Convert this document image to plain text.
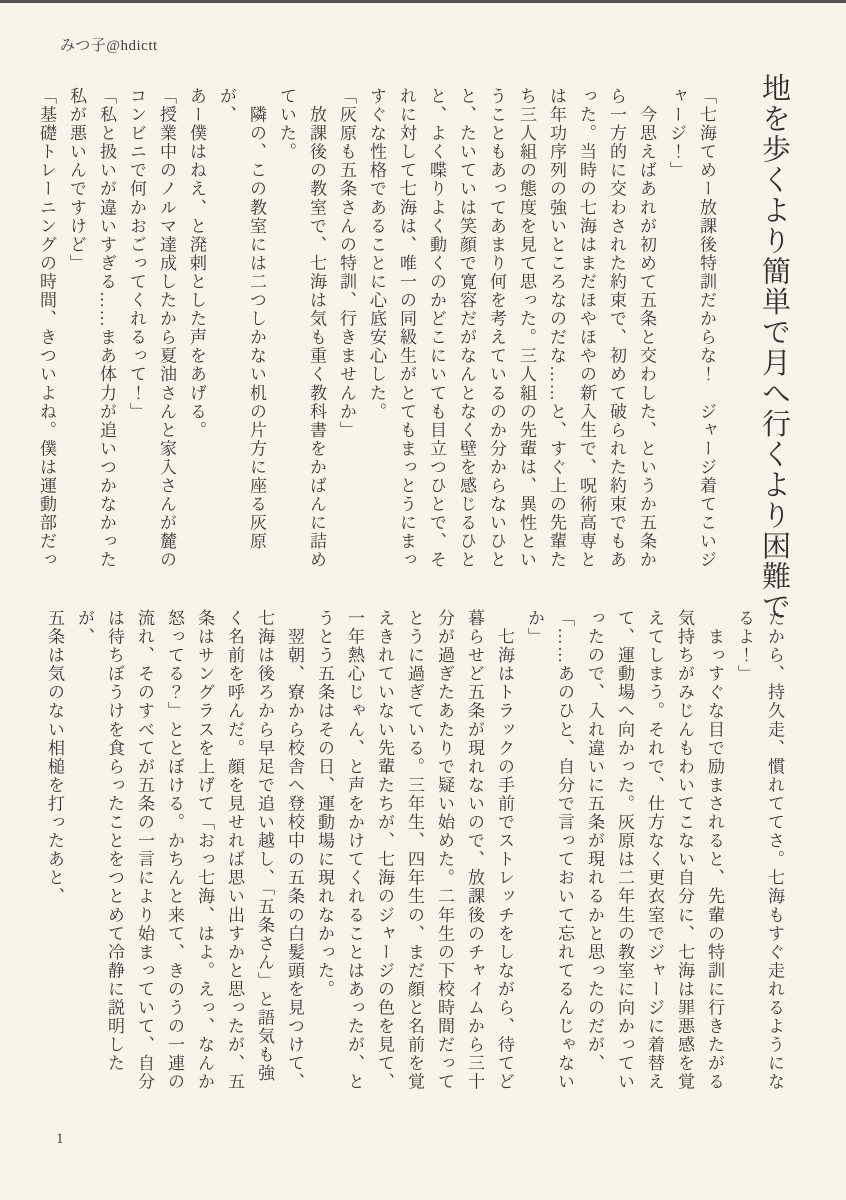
みつ子@hdictt
地を歩くより簡単で月へ行くより困難で
「七海てめー放課後特訓だからな！　ジャージ着てこいジ
ャージ！」
　今思えばあれが初めて五条と交わした、というか五条か
ら一方的に交わされた約束で、初めて破られた約束でもあ
った。当時の七海はまだほやほやの新入生で、呪術高専と
は年功序列の強いところなのだな……と、すぐ上の先輩た
ち三人組の態度を見て思った。三人組の先輩は、異性とい
うこともあってあまり何を考えているのか分からないひと
と、たいていは笑顔で寛容だがなんとなく壁を感じるひと
と、よく喋りよく動くのかどこにいても目立つひとで、そ
れに対して七海は、唯一の同級生がとてもまっとうにまっ
すぐな性格であることに心底安心した。
「灰原も五条さんの特訓、行きませんか」
　放課後の教室で、七海は気も重く教科書をかばんに詰め
ていた。
　隣の、この教室には二つしかない机の片方に座る灰原が、
あー僕はねえ、と溌剌とした声をあげる。
「授業中のノルマ達成したから夏油さんと家入さんが麓の
コンビニで何かおごってくれるって！」
「私と扱いが違いすぎる……まあ体力が追いつかなかった
私が悪いんですけど」
「基礎トレーニングの時間、きついよね。僕は運動部だっ
たから、持久走、慣れててさ。七海もすぐ走れるようにな
るよ！」
　まっすぐな目で励まされると、先輩の特訓に行きたがる
気持ちがみじんもわいてこない自分に、七海は罪悪感を覚
えてしまう。それで、仕方なく更衣室でジャージに着替え
て、運動場へ向かった。灰原は二年生の教室に向かってい
ったので、入れ違いに五条が現れるかと思ったのだが、
「……あのひと、自分で言っておいて忘れてるんじゃない
か」
　七海はトラックの手前でストレッチをしながら、待てど
暮らせど五条が現れないので、放課後のチャイムから三十
分が過ぎたあたりで疑い始めた。二年生の下校時間だって
とうに過ぎている。三年生、四年生の、まだ顔と名前を覚
えきれていない先輩たちが、七海のジャージの色を見て、
一年熱心じゃん、と声をかけてくれることはあったが、と
うとう五条はその日、運動場に現れなかった。
　翌朝、寮から校舎へ登校中の五条の白髪頭を見つけて、
七海は後ろから早足で追い越し、「五条さん」と語気も強
く名前を呼んだ。顔を見せれば思い出すかと思ったが、五
条はサングラスを上げて「おっ七海、はよ。えっ、なんか
怒ってる？」ととぼける。かちんと来て、きのうの一連の
流れ、そのすべてが五条の一言により始まっていて、自分
は待ちぼうけを食らったことをつとめて冷静に説明したが、
五条は気のない相槌を打ったあと、
1
